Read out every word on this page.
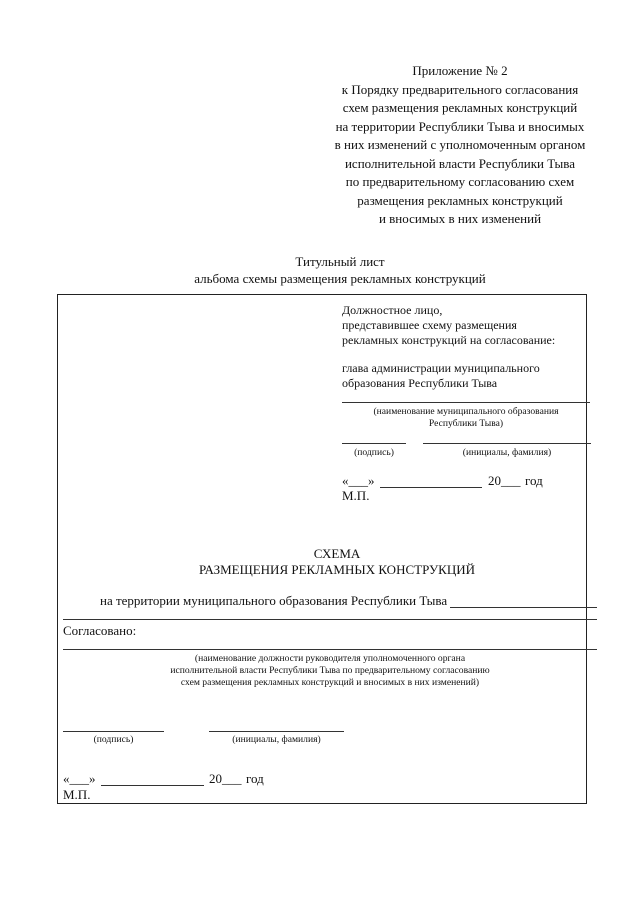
Приложение № 2
к Порядку предварительного согласования
схем размещения рекламных конструкций
на территории Республики Тыва и вносимых
в них изменений с уполномоченным органом
исполнительной власти Республики Тыва
по предварительному согласованию схем
размещения рекламных конструкций
и вносимых в них изменений
Титульный лист
альбома схемы размещения рекламных конструкций
Должностное лицо,
представившее схему размещения
рекламных конструкций на согласование:
глава администрации муниципального
образования Республики Тыва
(наименование муниципального образования
Республики Тыва)
(подпись)	(инициалы, фамилия)
«___»	20___ год
М.П.
СХЕМА
РАЗМЕЩЕНИЯ РЕКЛАМНЫХ КОНСТРУКЦИЙ
на территории муниципального образования Республики Тыва
Согласовано:
(наименование должности руководителя уполномоченного органа
исполнительной власти Республики Тыва по предварительному согласованию
схем размещения рекламных конструкций и вносимых в них изменений)
(подпись)	(инициалы, фамилия)
«___»	20___ год
М.П.
